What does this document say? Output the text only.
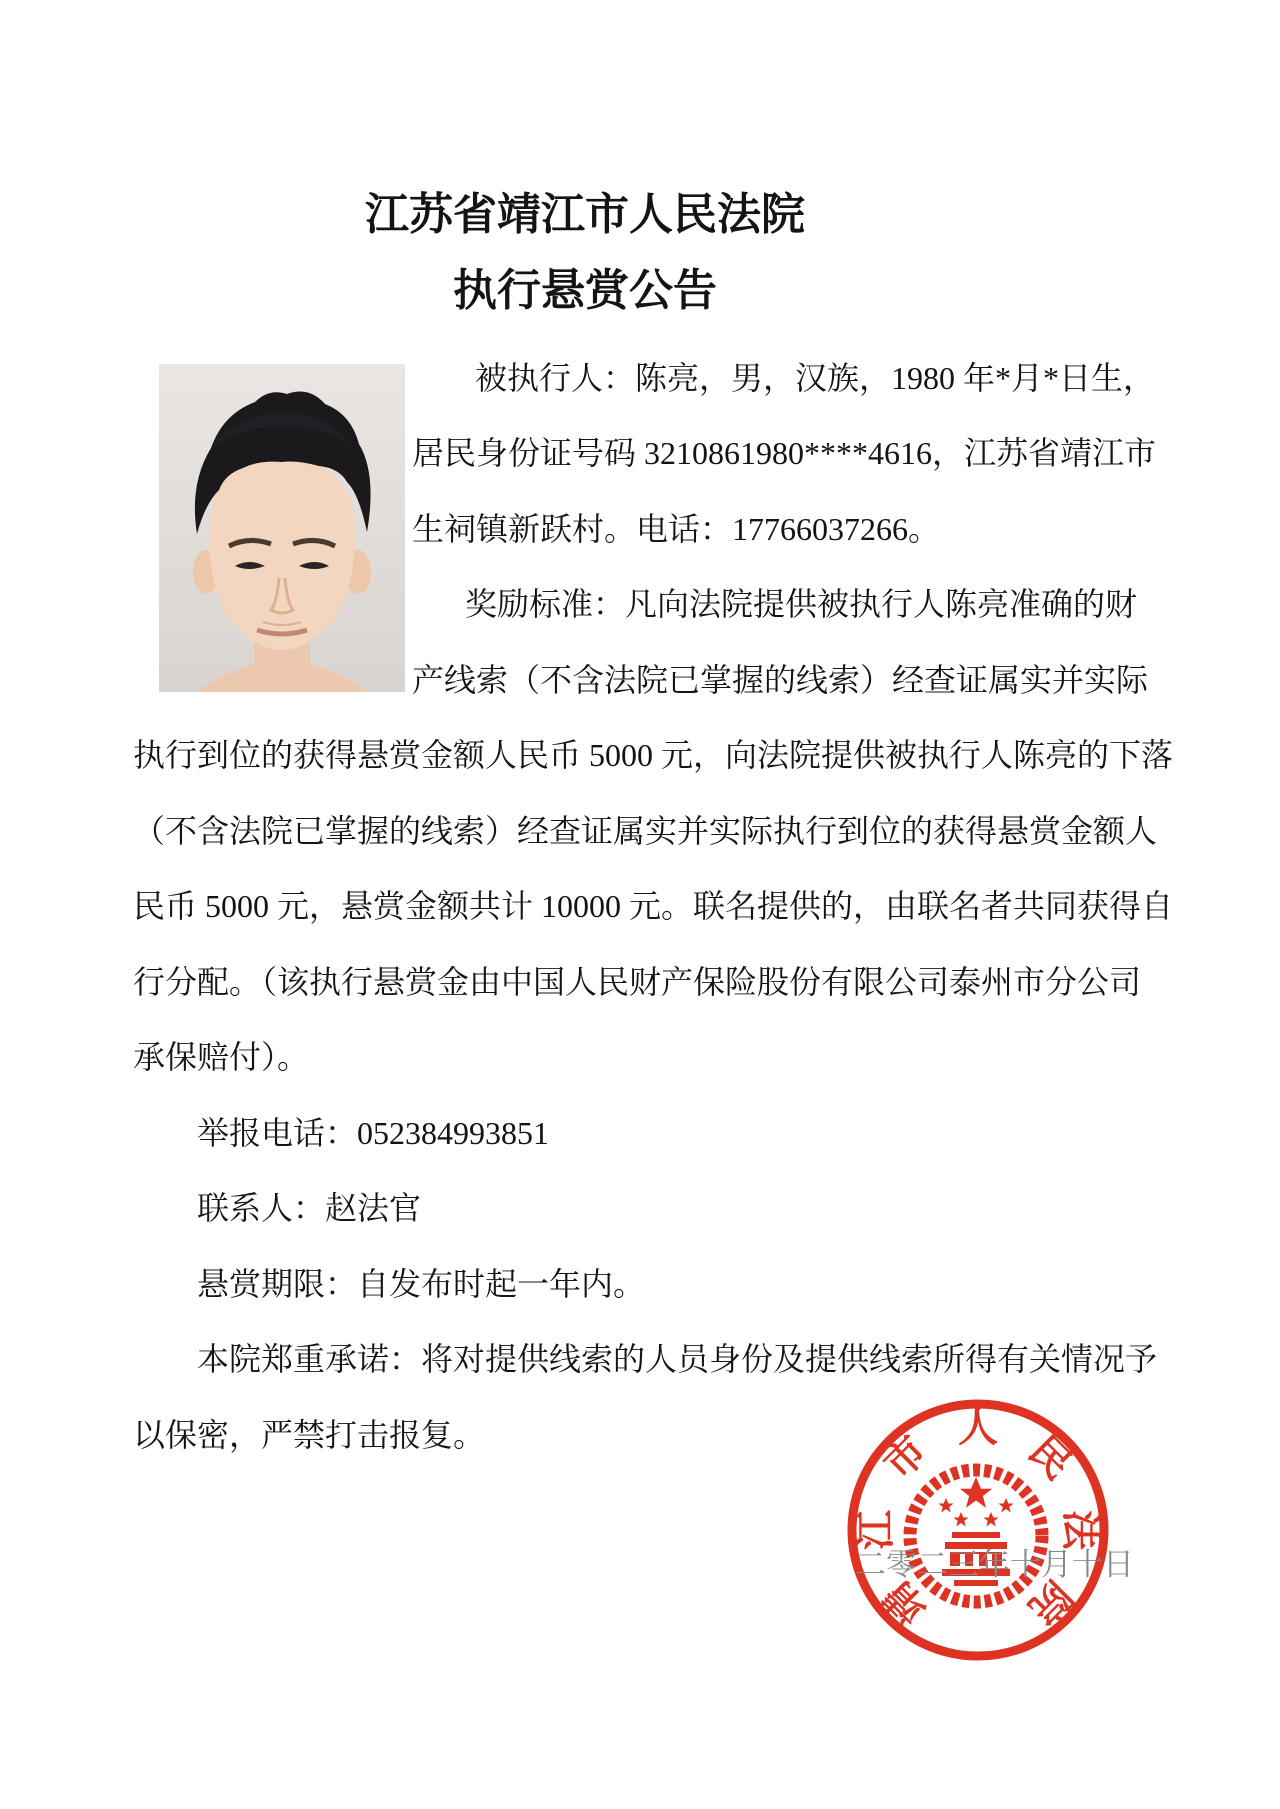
江苏省靖江市人民法院
执行悬赏公告
被执行人：陈亮，男，汉族，1980 年*月*日生，
居民身份证号码 3210861980****4616，江苏省靖江市
生祠镇新跃村。电话：17766037266。
奖励标准：凡向法院提供被执行人陈亮准确的财
产线索（不含法院已掌握的线索）经查证属实并实际
执行到位的获得悬赏金额人民币 5000 元，向法院提供被执行人陈亮的下落
（不含法院已掌握的线索）经查证属实并实际执行到位的获得悬赏金额人
民币 5000 元，悬赏金额共计 10000 元。联名提供的，由联名者共同获得自
行分配。（该执行悬赏金由中国人民财产保险股份有限公司泰州市分公司
承保赔付）。
举报电话：052384993851
联系人：赵法官
悬赏期限：自发布时起一年内。
本院郑重承诺：将对提供线索的人员身份及提供线索所得有关情况予
以保密，严禁打击报复。
靖
江
市 人 民
法
院
二零二三年十月十日
